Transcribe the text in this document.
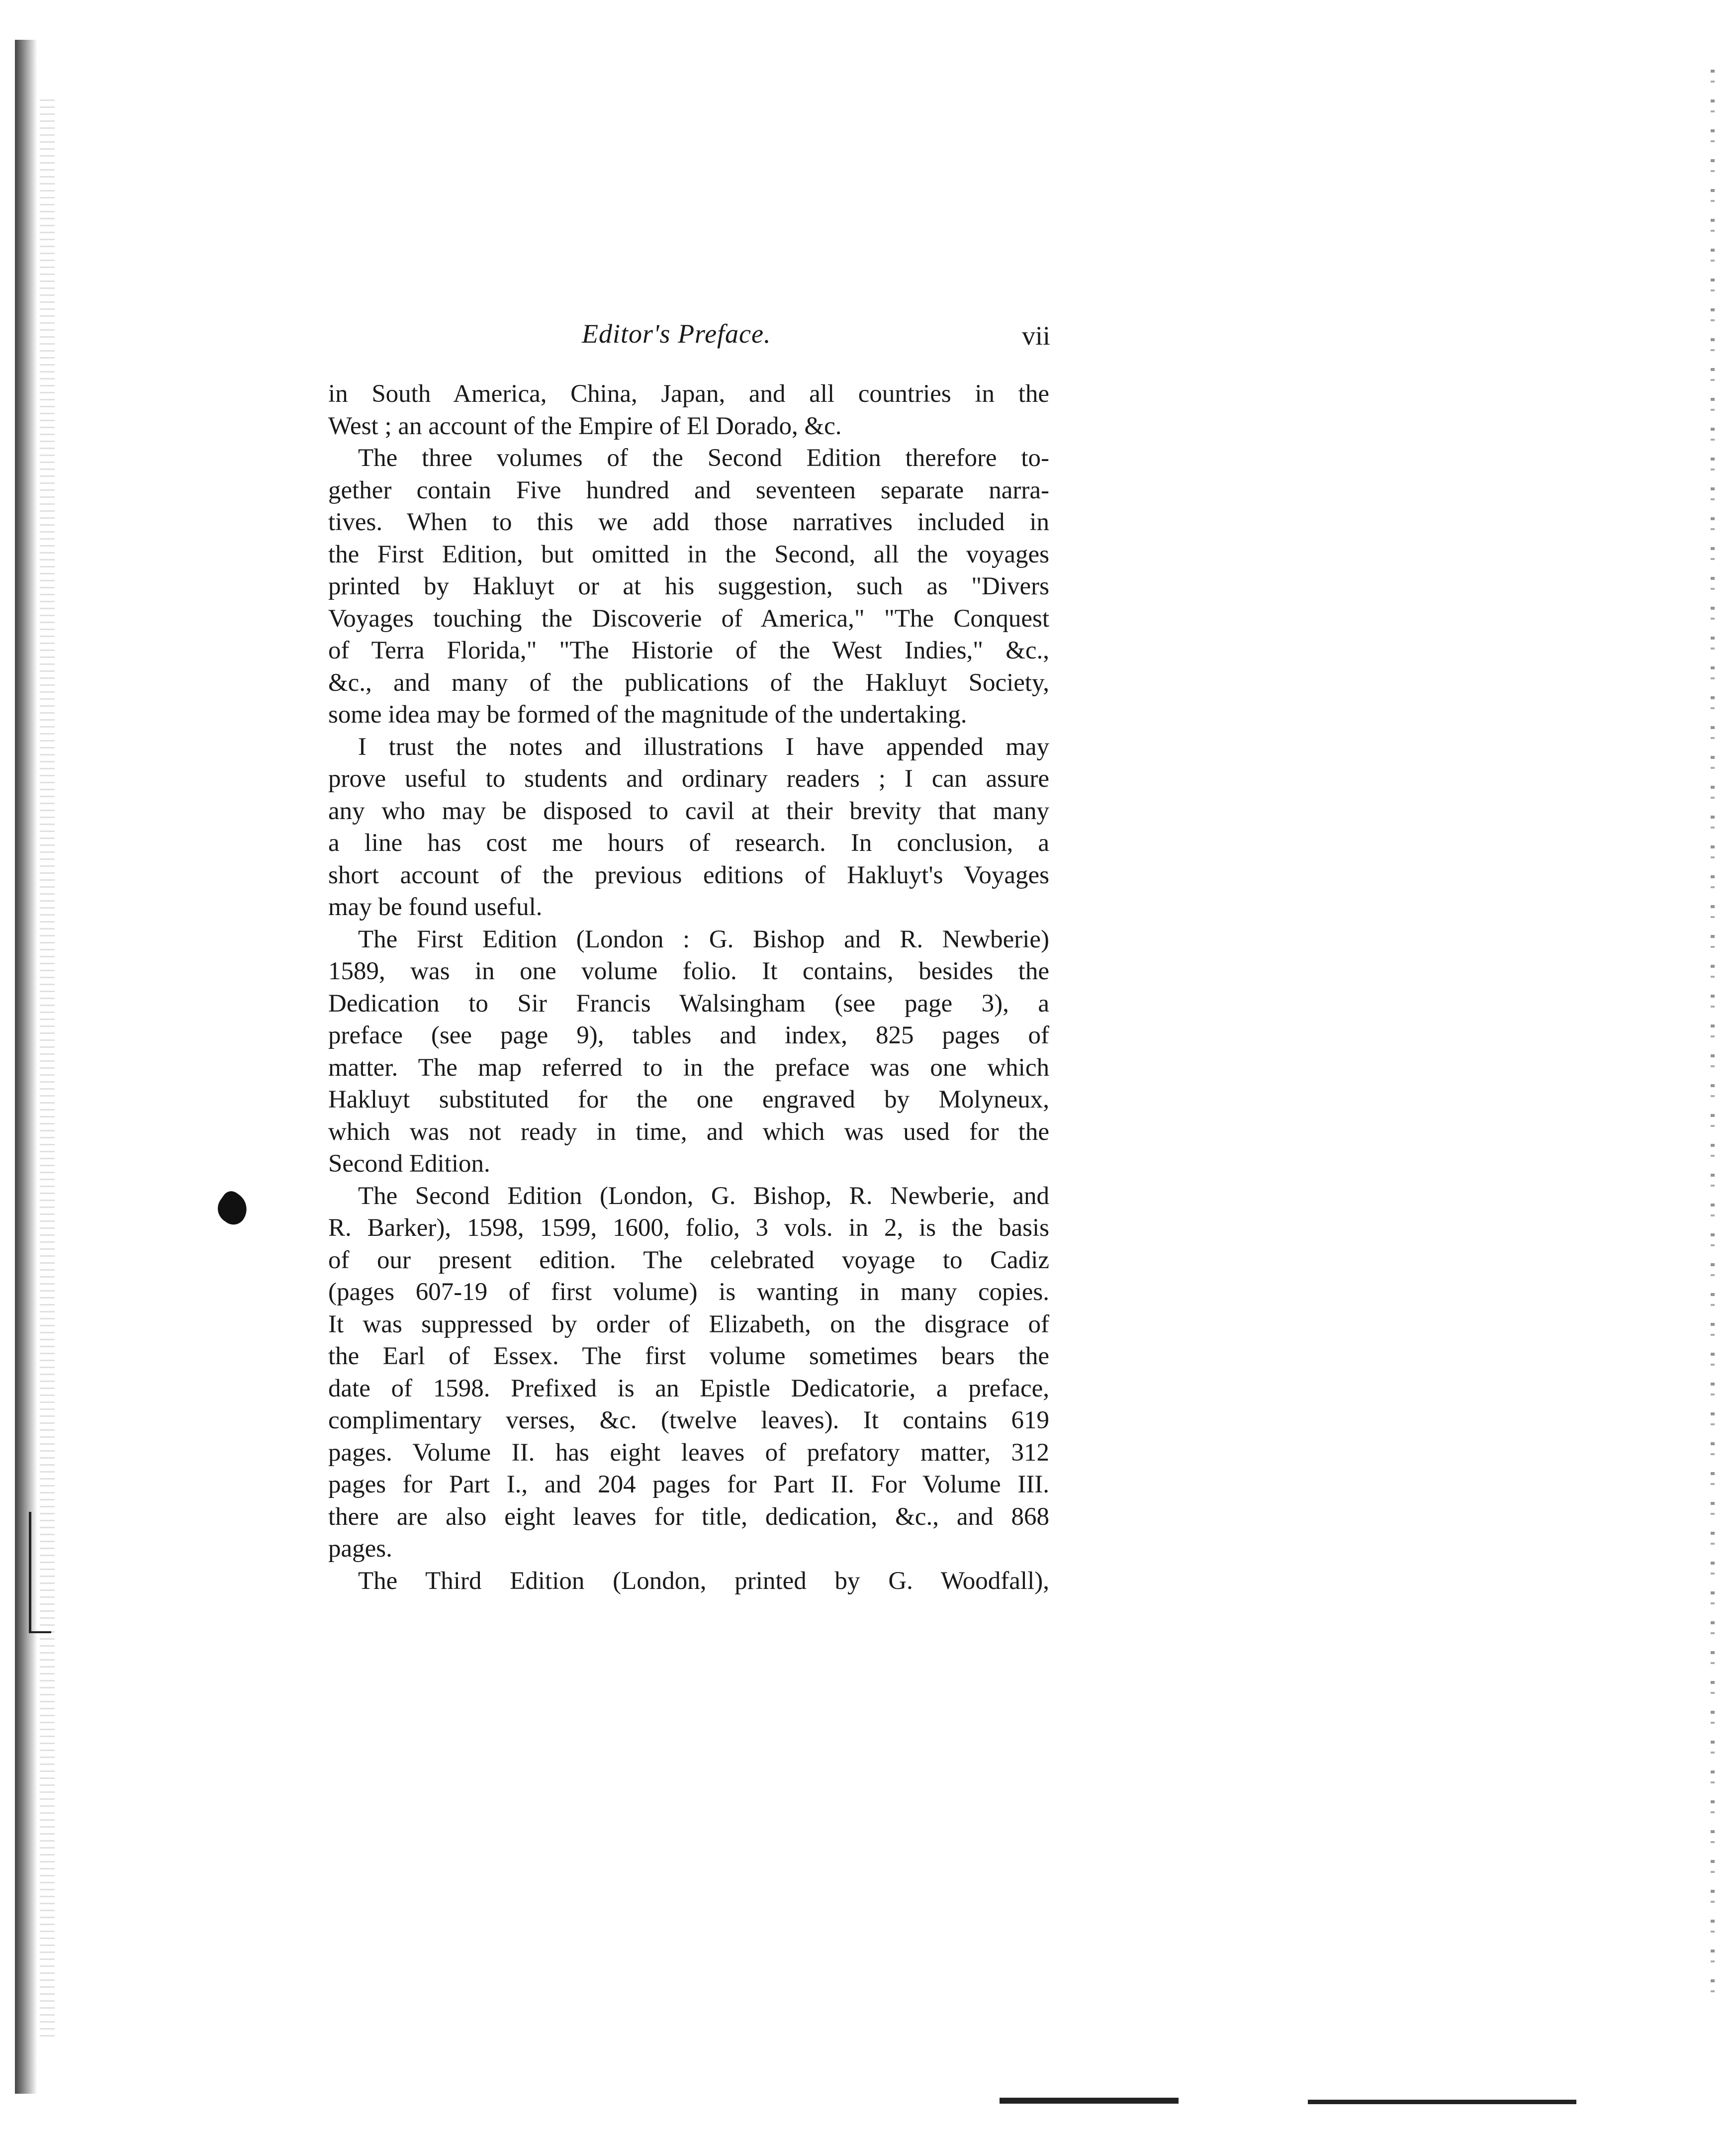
Editor's Preface.	vii
in South America, China, Japan, and all countries in the
West ; an account of the Empire of El Dorado, &c.
The three volumes of the Second Edition therefore to-
gether contain Five hundred and seventeen separate narra-
tives. When to this we add those narratives included in
the First Edition, but omitted in the Second, all the voyages
printed by Hakluyt or at his suggestion, such as "Divers
Voyages touching the Discoverie of America," "The Conquest
of Terra Florida," "The Historie of the West Indies," &c.,
&c., and many of the publications of the Hakluyt Society,
some idea may be formed of the magnitude of the undertaking.
I trust the notes and illustrations I have appended may
prove useful to students and ordinary readers ; I can assure
any who may be disposed to cavil at their brevity that many
a line has cost me hours of research. In conclusion, a
short account of the previous editions of Hakluyt's Voyages
may be found useful.
The First Edition (London : G. Bishop and R. Newberie)
1589, was in one volume folio. It contains, besides the
Dedication to Sir Francis Walsingham (see page 3), a
preface (see page 9), tables and index, 825 pages of
matter. The map referred to in the preface was one which
Hakluyt substituted for the one engraved by Molyneux,
which was not ready in time, and which was used for the
Second Edition.
The Second Edition (London, G. Bishop, R. Newberie, and
R. Barker), 1598, 1599, 1600, folio, 3 vols. in 2, is the basis
of our present edition. The celebrated voyage to Cadiz
(pages 607-19 of first volume) is wanting in many copies.
It was suppressed by order of Elizabeth, on the disgrace of
the Earl of Essex. The first volume sometimes bears the
date of 1598. Prefixed is an Epistle Dedicatorie, a preface,
complimentary verses, &c. (twelve leaves). It contains 619
pages. Volume II. has eight leaves of prefatory matter, 312
pages for Part I., and 204 pages for Part II. For Volume III.
there are also eight leaves for title, dedication, &c., and 868
pages.
The Third Edition (London, printed by G. Woodfall),
